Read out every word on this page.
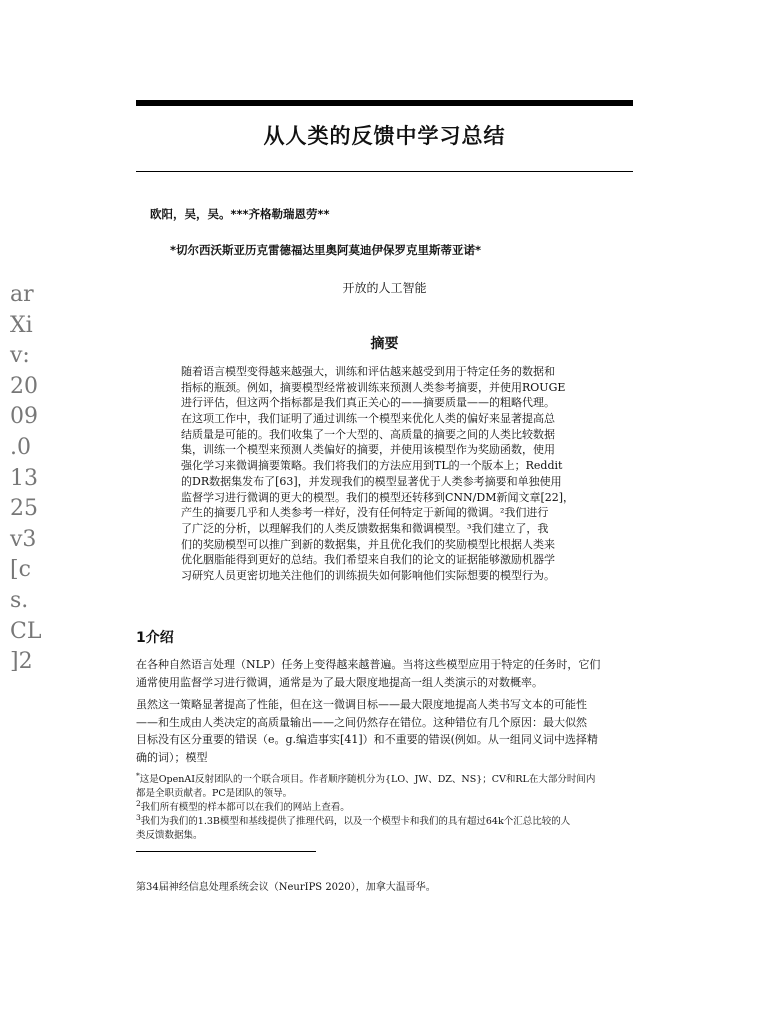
从人类的反馈中学习总结
欧阳，吴，吴。***齐格勒瑞恩劳**
*切尔西沃斯亚历克雷德福达里奥阿莫迪伊保罗克里斯蒂亚诺*
开放的人工智能
ar
Xi
v:
20
09
.0
13
25
v3
[c
s.
CL
]2
摘要
随着语言模型变得越来越强大，训练和评估越来越受到用于特定任务的数据和
指标的瓶颈。例如，摘要模型经常被训练来预测人类参考摘要，并使用ROUGE
进行评估，但这两个指标都是我们真正关心的——摘要质量——的粗略代理。
在这项工作中，我们证明了通过训练一个模型来优化人类的偏好来显著提高总
结质量是可能的。我们收集了一个大型的、高质量的摘要之间的人类比较数据
集，训练一个模型来预测人类偏好的摘要，并使用该模型作为奖励函数，使用
强化学习来微调摘要策略。我们将我们的方法应用到TL的一个版本上；Reddit
的DR数据集发布了[63]，并发现我们的模型显著优于人类参考摘要和单独使用
监督学习进行微调的更大的模型。我们的模型还转移到CNN/DM新闻文章[22]，
产生的摘要几乎和人类参考一样好，没有任何特定于新闻的微调。²我们进行
了广泛的分析，以理解我们的人类反馈数据集和微调模型。³我们建立了，我
们的奖励模型可以推广到新的数据集，并且优化我们的奖励模型比根据人类来
优化胭脂能得到更好的总结。我们希望来自我们的论文的证据能够激励机器学
习研究人员更密切地关注他们的训练损失如何影响他们实际想要的模型行为。
1介绍
在各种自然语言处理（NLP）任务上变得越来越普遍。当将这些模型应用于特定的任务时，它们
通常使用监督学习进行微调，通常是为了最大限度地提高一组人类演示的对数概率。
虽然这一策略显著提高了性能，但在这一微调目标——最大限度地提高人类书写文本的可能性
——和生成由人类决定的高质量输出——之间仍然存在错位。这种错位有几个原因：最大似然
目标没有区分重要的错误（e。g.编造事实[41]）和不重要的错误(例如。从一组同义词中选择精
确的词）；模型
*这是OpenAI反射团队的一个联合项目。作者顺序随机分为{LO、JW、DZ、NS}；CV和RL在大部分时间内
都是全职贡献者。PC是团队的领导。
$^2$我们所有模型的样本都可以在我们的网站上查看。
$^3$我们为我们的1.3B模型和基线提供了推理代码，以及一个模型卡和我们的具有超过64k个汇总比较的人
类反馈数据集。
第34届神经信息处理系统会议（NeurIPS 2020），加拿大温哥华。
